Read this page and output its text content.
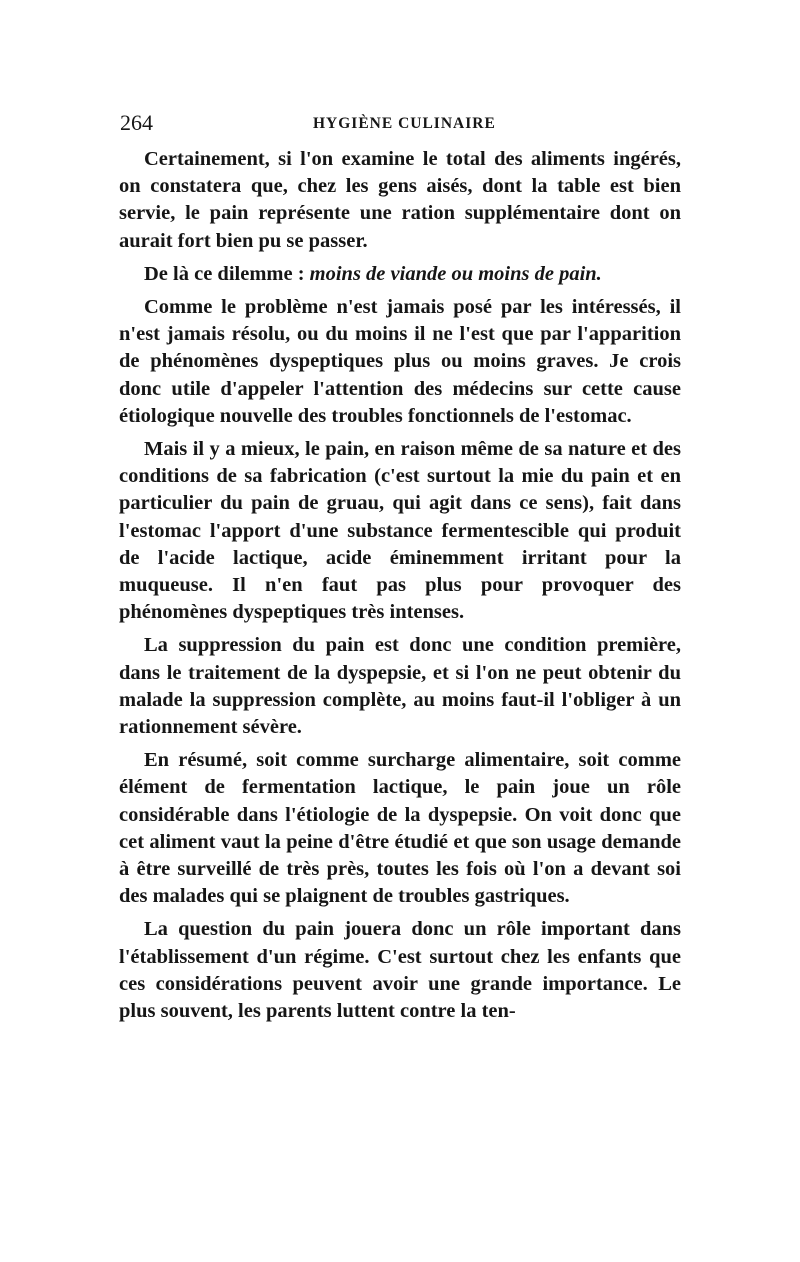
264	HYGIÈNE CULINAIRE

Certainement, si l'on examine le total des aliments ingérés, on constatera que, chez les gens aisés, dont la table est bien servie, le pain représente une ration supplémentaire dont on aurait fort bien pu se passer.

De là ce dilemme : moins de viande ou moins de pain.

Comme le problème n'est jamais posé par les intéressés, il n'est jamais résolu, ou du moins il ne l'est que par l'apparition de phénomènes dyspeptiques plus ou moins graves. Je crois donc utile d'appeler l'attention des médecins sur cette cause étiologique nouvelle des troubles fonctionnels de l'estomac.

Mais il y a mieux, le pain, en raison même de sa nature et des conditions de sa fabrication (c'est surtout la mie du pain et en particulier du pain de gruau, qui agit dans ce sens), fait dans l'estomac l'apport d'une substance fermentescible qui produit de l'acide lactique, acide éminemment irritant pour la muqueuse. Il n'en faut pas plus pour provoquer des phénomènes dyspeptiques très intenses.

La suppression du pain est donc une condition première, dans le traitement de la dyspepsie, et si l'on ne peut obtenir du malade la suppression complète, au moins faut-il l'obliger à un rationnement sévère.

En résumé, soit comme surcharge alimentaire, soit comme élément de fermentation lactique, le pain joue un rôle considérable dans l'étiologie de la dyspepsie. On voit donc que cet aliment vaut la peine d'être étudié et que son usage demande à être surveillé de très près, toutes les fois où l'on a devant soi des malades qui se plaignent de troubles gastriques.

La question du pain jouera donc un rôle important dans l'établissement d'un régime. C'est surtout chez les enfants que ces considérations peuvent avoir une grande importance. Le plus souvent, les parents luttent contre la ten-
